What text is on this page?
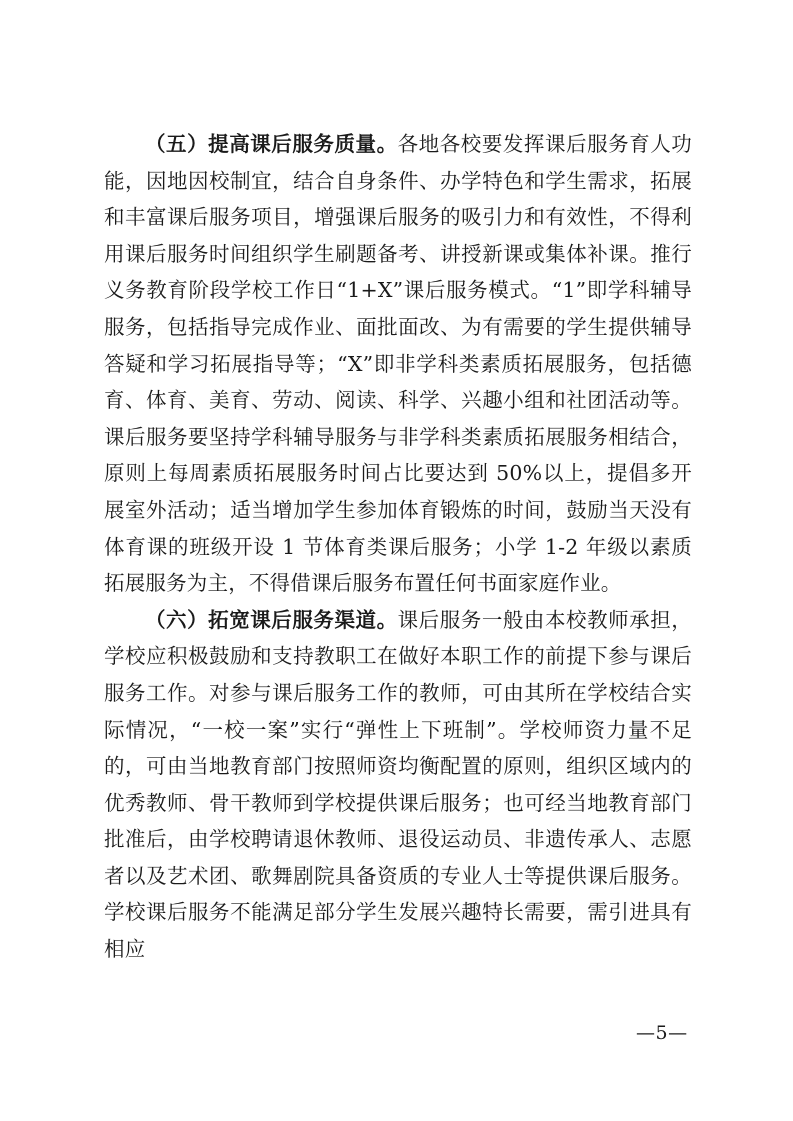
（五）提高课后服务质量。各地各校要发挥课后服务育人功能，因地因校制宜，结合自身条件、办学特色和学生需求，拓展和丰富课后服务项目，增强课后服务的吸引力和有效性，不得利用课后服务时间组织学生刷题备考、讲授新课或集体补课。推行义务教育阶段学校工作日“1+X”课后服务模式。“1”即学科辅导服务，包括指导完成作业、面批面改、为有需要的学生提供辅导答疑和学习拓展指导等；“X”即非学科类素质拓展服务，包括德育、体育、美育、劳动、阅读、科学、兴趣小组和社团活动等。课后服务要坚持学科辅导服务与非学科类素质拓展服务相结合，原则上每周素质拓展服务时间占比要达到 50%以上，提倡多开展室外活动；适当增加学生参加体育锻炼的时间，鼓励当天没有体育课的班级开设 1 节体育类课后服务；小学 1-2 年级以素质拓展服务为主，不得借课后服务布置任何书面家庭作业。

（六）拓宽课后服务渠道。课后服务一般由本校教师承担，学校应积极鼓励和支持教职工在做好本职工作的前提下参与课后服务工作。对参与课后服务工作的教师，可由其所在学校结合实际情况，“一校一案”实行“弹性上下班制”。学校师资力量不足的，可由当地教育部门按照师资均衡配置的原则，组织区域内的优秀教师、骨干教师到学校提供课后服务；也可经当地教育部门批准后，由学校聘请退休教师、退役运动员、非遗传承人、志愿者以及艺术团、歌舞剧院具备资质的专业人士等提供课后服务。学校课后服务不能满足部分学生发展兴趣特长需要，需引进具有相应

—5—
